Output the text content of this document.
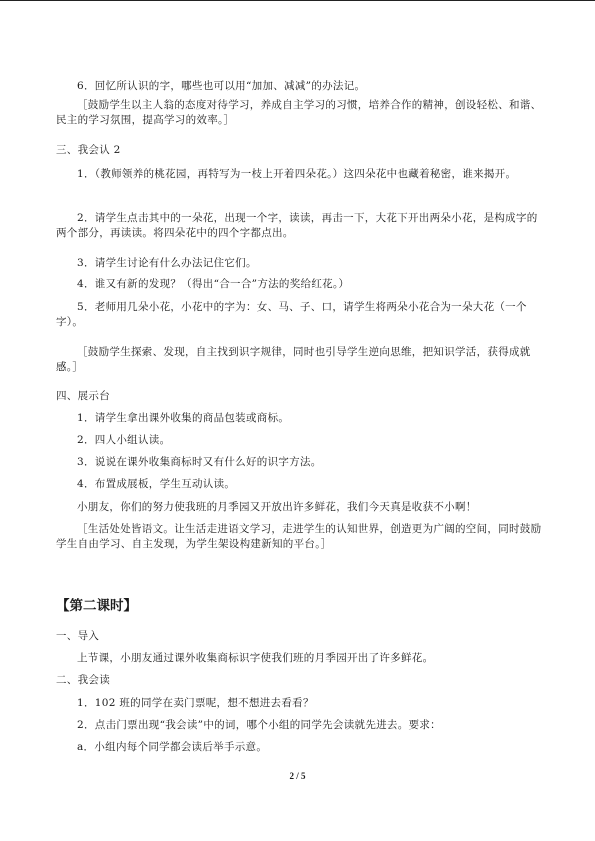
6．回忆所认识的字，哪些也可以用“加加、减减”的办法记。

［鼓励学生以主人翁的态度对待学习，养成自主学习的习惯，培养合作的精神，创设轻松、和谐、民主的学习氛围，提高学习的效率。］

三、我会认 2

1．（教师领养的桃花园，再特写为一枝上开着四朵花。）这四朵花中也藏着秘密，谁来揭开。

2．请学生点击其中的一朵花，出现一个字，读读，再击一下，大花下开出两朵小花，是构成字的两个部分，再读读。将四朵花中的四个字都点出。

3．请学生讨论有什么办法记住它们。

4．谁又有新的发现？（得出“合一合”方法的奖给红花。）

5．老师用几朵小花，小花中的字为：女、马、子、口，请学生将两朵小花合为一朵大花（一个字）。

［鼓励学生探索、发现，自主找到识字规律，同时也引导学生逆向思维，把知识学活，获得成就感。］

四、展示台

1．请学生拿出课外收集的商品包装或商标。

2．四人小组认读。

3．说说在课外收集商标时又有什么好的识字方法。

4．布置成展板，学生互动认读。

小朋友，你们的努力使我班的月季园又开放出许多鲜花，我们今天真是收获不小啊！

［生活处处皆语文。让生活走进语文学习，走进学生的认知世界，创造更为广阔的空间，同时鼓励学生自由学习、自主发现，为学生架设构建新知的平台。］

【第二课时】

一、导入

上节课，小朋友通过课外收集商标识字使我们班的月季园开出了许多鲜花。

二、我会读

1．102 班的同学在卖门票呢，想不想进去看看？

2．点击门票出现“我会读”中的词，哪个小组的同学先会读就先进去。要求：

a．小组内每个同学都会读后举手示意。

2 / 5
